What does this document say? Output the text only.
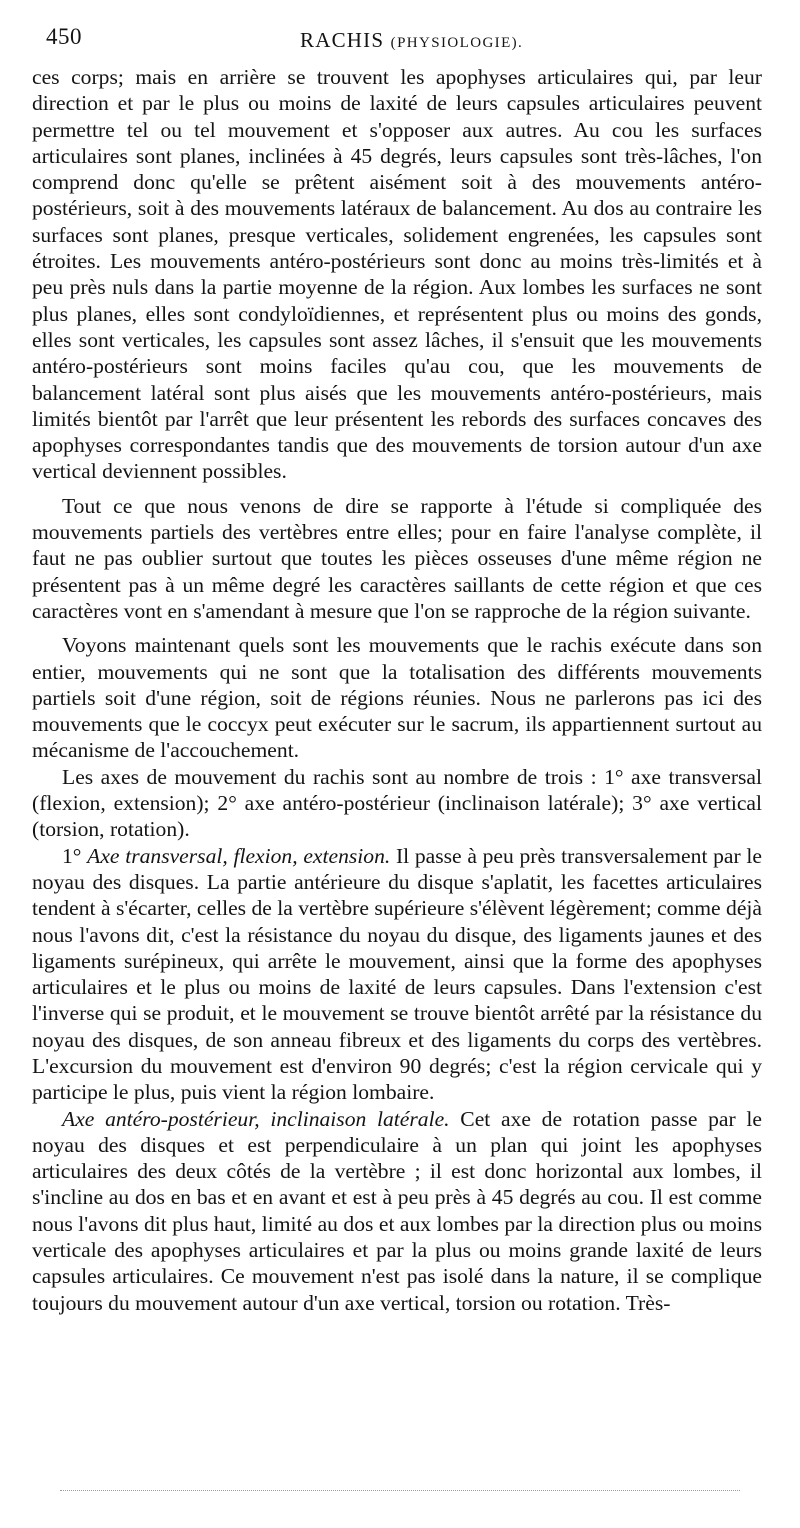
450	RACHIS (PHYSIOLOGIE).

ces corps; mais en arrière se trouvent les apophyses articulaires qui, par leur direction et par le plus ou moins de laxité de leurs capsules articulaires peuvent permettre tel ou tel mouvement et s'opposer aux autres. Au cou les surfaces articulaires sont planes, inclinées à 45 degrés, leurs capsules sont très-lâches, l'on comprend donc qu'elle se prêtent aisément soit à des mouvements antéro-postérieurs, soit à des mouvements latéraux de balancement. Au dos au contraire les surfaces sont planes, presque verticales, solidement engrenées, les capsules sont étroites. Les mouvements antéro-postérieurs sont donc au moins très-limités et à peu près nuls dans la partie moyenne de la région. Aux lombes les surfaces ne sont plus planes, elles sont condyloïdiennes, et représentent plus ou moins des gonds, elles sont verticales, les capsules sont assez lâches, il s'ensuit que les mouvements antéro-postérieurs sont moins faciles qu'au cou, que les mouvements de balancement latéral sont plus aisés que les mouvements antéro-postérieurs, mais limités bientôt par l'arrêt que leur présentent les rebords des surfaces concaves des apophyses correspondantes tandis que des mouvements de torsion autour d'un axe vertical deviennent possibles.

Tout ce que nous venons de dire se rapporte à l'étude si compliquée des mouvements partiels des vertèbres entre elles; pour en faire l'analyse complète, il faut ne pas oublier surtout que toutes les pièces osseuses d'une même région ne présentent pas à un même degré les caractères saillants de cette région et que ces caractères vont en s'amendant à mesure que l'on se rapproche de la région suivante.

Voyons maintenant quels sont les mouvements que le rachis exécute dans son entier, mouvements qui ne sont que la totalisation des différents mouvements partiels soit d'une région, soit de régions réunies. Nous ne parlerons pas ici des mouvements que le coccyx peut exécuter sur le sacrum, ils appartiennent surtout au mécanisme de l'accouchement.

Les axes de mouvement du rachis sont au nombre de trois : 1° axe transversal (flexion, extension); 2° axe antéro-postérieur (inclinaison latérale); 3° axe vertical (torsion, rotation).

1° Axe transversal, flexion, extension. Il passe à peu près transversalement par le noyau des disques. La partie antérieure du disque s'aplatit, les facettes articulaires tendent à s'écarter, celles de la vertèbre supérieure s'élèvent légèrement; comme déjà nous l'avons dit, c'est la résistance du noyau du disque, des ligaments jaunes et des ligaments surépineux, qui arrête le mouvement, ainsi que la forme des apophyses articulaires et le plus ou moins de laxité de leurs capsules. Dans l'extension c'est l'inverse qui se produit, et le mouvement se trouve bientôt arrêté par la résistance du noyau des disques, de son anneau fibreux et des ligaments du corps des vertèbres. L'excursion du mouvement est d'environ 90 degrés; c'est la région cervicale qui y participe le plus, puis vient la région lombaire.

Axe antéro-postérieur, inclinaison latérale. Cet axe de rotation passe par le noyau des disques et est perpendiculaire à un plan qui joint les apophyses articulaires des deux côtés de la vertèbre ; il est donc horizontal aux lombes, il s'incline au dos en bas et en avant et est à peu près à 45 degrés au cou. Il est comme nous l'avons dit plus haut, limité au dos et aux lombes par la direction plus ou moins verticale des apophyses articulaires et par la plus ou moins grande laxité de leurs capsules articulaires. Ce mouvement n'est pas isolé dans la nature, il se complique toujours du mouvement autour d'un axe vertical, torsion ou rotation. Très-
